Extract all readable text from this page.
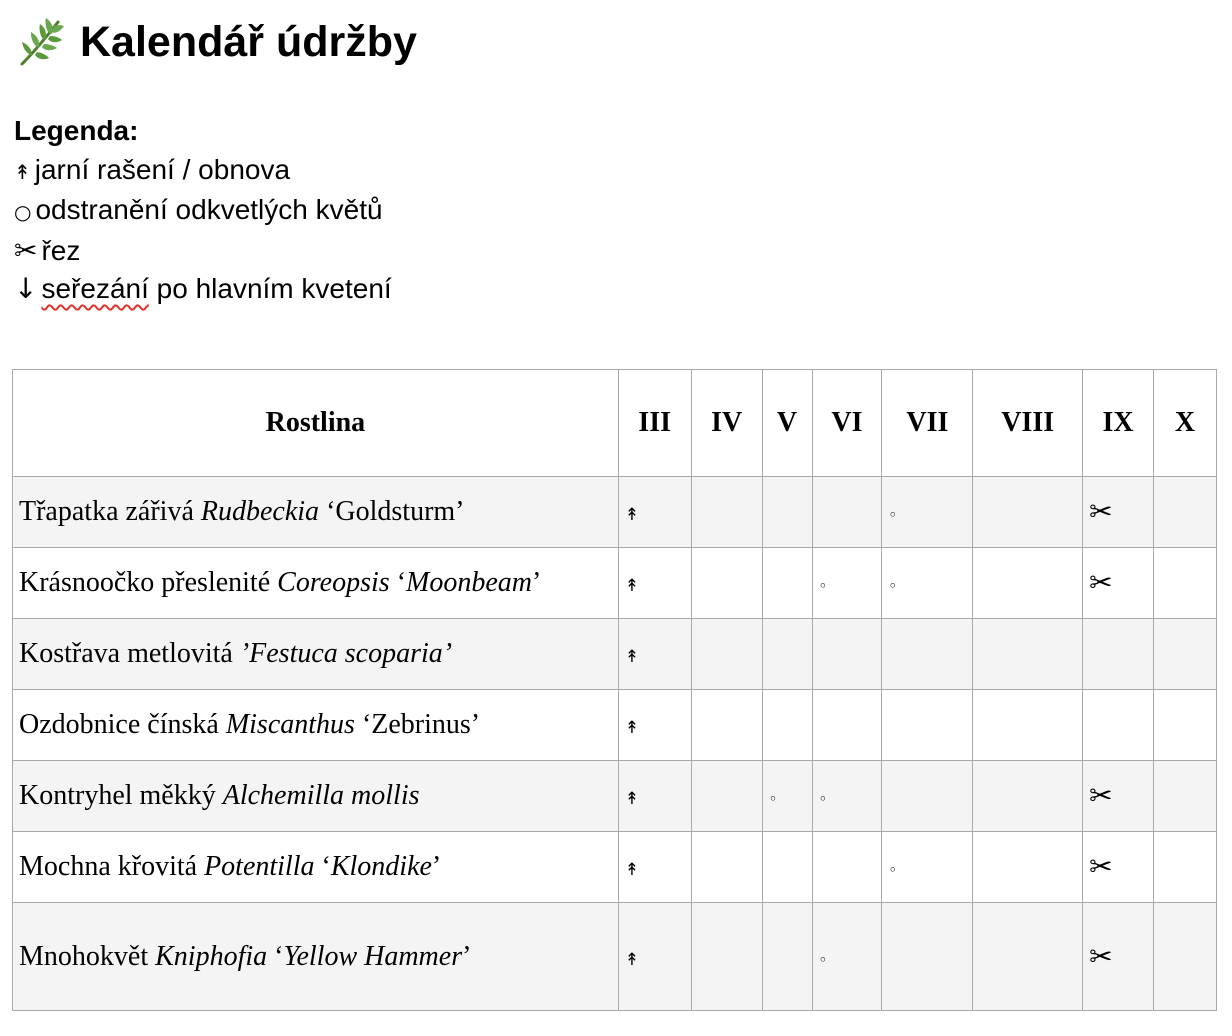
Kalendář údržby
Legenda:
↟ jarní rašení / obnova
○ odstranění odkvetlých květů
✂ řez
↓ seřezání po hlavním kvetení
Rostlina	III	IV	V	VI	VII	VIII	IX	X
Třapatka zářivá Rudbeckia ‘Goldsturm’	↟				◦		✂	
Krásnoočko přeslenité Coreopsis ‘Moonbeam’	↟			◦	◦		✂	
Kostřava metlovitá ’Festuca scoparia’	↟							
Ozdobnice čínská Miscanthus ‘Zebrinus’	↟							
Kontryhel měkký Alchemilla mollis	↟		◦	◦			✂	
Mochna křovitá Potentilla ‘Klondike’	↟				◦		✂	
Mnohokvět Kniphofia ‘Yellow Hammer’	↟			◦			✂	
